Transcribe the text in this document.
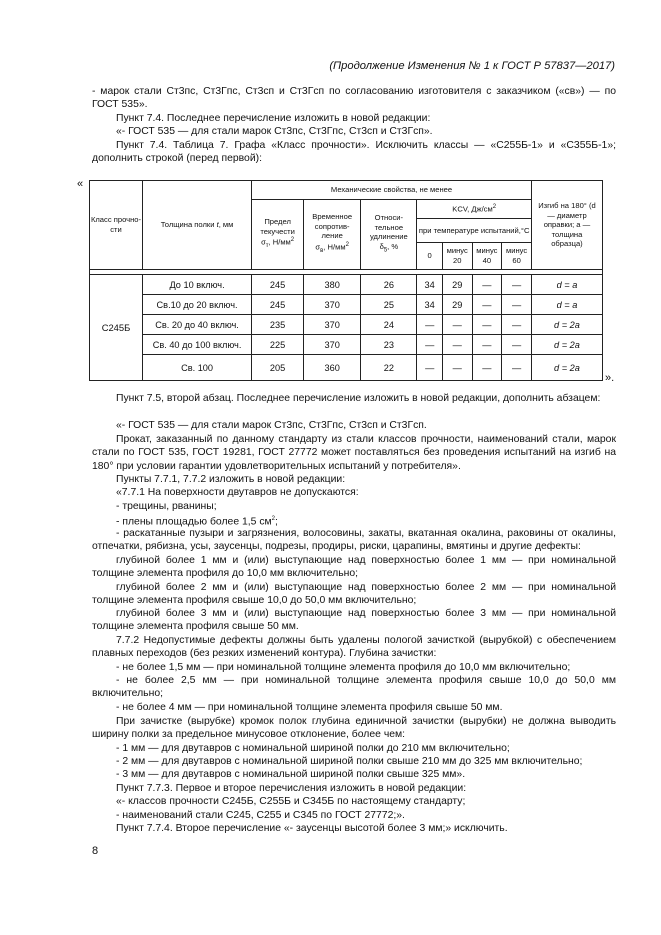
(Продолжение Изменения № 1 к ГОСТ Р 57837—2017)

- марок стали Ст3пс, Ст3Гпс, Ст3сп и Ст3Гсп по согласованию изготовителя с заказчиком («св») — по ГОСТ 535».

Пункт 7.4. Последнее перечисление изложить в новой редакции:

«- ГОСТ 535 — для стали марок Ст3пс, Ст3Гпс, Ст3сп и Ст3Гсп».

Пункт 7.4. Таблица 7. Графа «Класс прочности». Исключить классы — «С255Б-1» и «С355Б-1»; дополнить строкой (перед первой):

«
Класс прочно- сти	Толщина полки t, мм	Механические свойства, не менее							Изгиб на 180° (d — диаметр оправки; a — толщина образца)
		Предел текучести
$\sigma_т$, $Н/мм^2$	Временное сопротив- ление
$\sigma_в$, $Н/мм^2$	Относи- тельное удлинение
$\delta_5$, %	KCV, $Дж/см^2$
					при температуре испытаний,°С				
					0	минус 20	минус 40	минус 60	

С245Б	До 10 включ.	245	380	26	34	29	—	—	d = a
	Св.10 до 20 включ.	245	370	25	34	29	—	—	d = a
	Св. 20 до 40 включ.	235	370	24	—	—	—	—	d = 2a
	Св. 40 до 100 включ.	225	370	23	—	—	—	—	d = 2a
	Св. 100	205	360	22	—	—	—	—	d = 2a
».

Пункт 7.5, второй абзац. Последнее перечисление изложить в новой редакции, дополнить абзацем:

«- ГОСТ 535 — для стали марок Ст3пс, Ст3Гпс, Ст3сп и Ст3Гсп.

Прокат, заказанный по данному стандарту из стали классов прочности, наименований стали, марок стали по ГОСТ 535, ГОСТ 19281, ГОСТ 27772 может поставляться без проведения испытаний на изгиб на 180° при условии гарантии удовлетворительных испытаний у потребителя».

Пункты 7.7.1, 7.7.2 изложить в новой редакции:

«7.7.1 На поверхности двутавров не допускаются:

- трещины, рванины;

- плены площадью более 1,5 $см^2$;

- раскатанные пузыри и загрязнения, волосовины, закаты, вкатанная окалина, раковины от окалины, отпечатки, рябизна, усы, заусенцы, подрезы, продиры, риски, царапины, вмятины и другие дефекты:

глубиной более 1 мм и (или) выступающие над поверхностью более 1 мм — при номинальной толщине элемента профиля до 10,0 мм включительно;

глубиной более 2 мм и (или) выступающие над поверхностью более 2 мм — при номинальной толщине элемента профиля свыше 10,0 до 50,0 мм включительно;

глубиной более 3 мм и (или) выступающие над поверхностью более 3 мм — при номинальной толщине элемента профиля свыше 50 мм.

7.7.2 Недопустимые дефекты должны быть удалены пологой зачисткой (вырубкой) с обеспечением плавных переходов (без резких изменений контура). Глубина зачистки:

- не более 1,5 мм — при номинальной толщине элемента профиля до 10,0 мм включительно;

- не более 2,5 мм — при номинальной толщине элемента профиля свыше 10,0 до 50,0 мм включительно;

- не более 4 мм — при номинальной толщине элемента профиля свыше 50 мм.

При зачистке (вырубке) кромок полок глубина единичной зачистки (вырубки) не должна выводить ширину полки за предельное минусовое отклонение, более чем:

- 1 мм — для двутавров с номинальной шириной полки до 210 мм включительно;

- 2 мм — для двутавров с номинальной шириной полки свыше 210 мм до 325 мм включительно;

- 3 мм — для двутавров с номинальной шириной полки свыше 325 мм».

Пункт 7.7.3. Первое и второе перечисления изложить в новой редакции:

«- классов прочности С245Б, С255Б и С345Б по настоящему стандарту;

- наименований стали С245, С255 и С345 по ГОСТ 27772;».

Пункт 7.7.4. Второе перечисление «- заусенцы высотой более 3 мм;» исключить.

8
